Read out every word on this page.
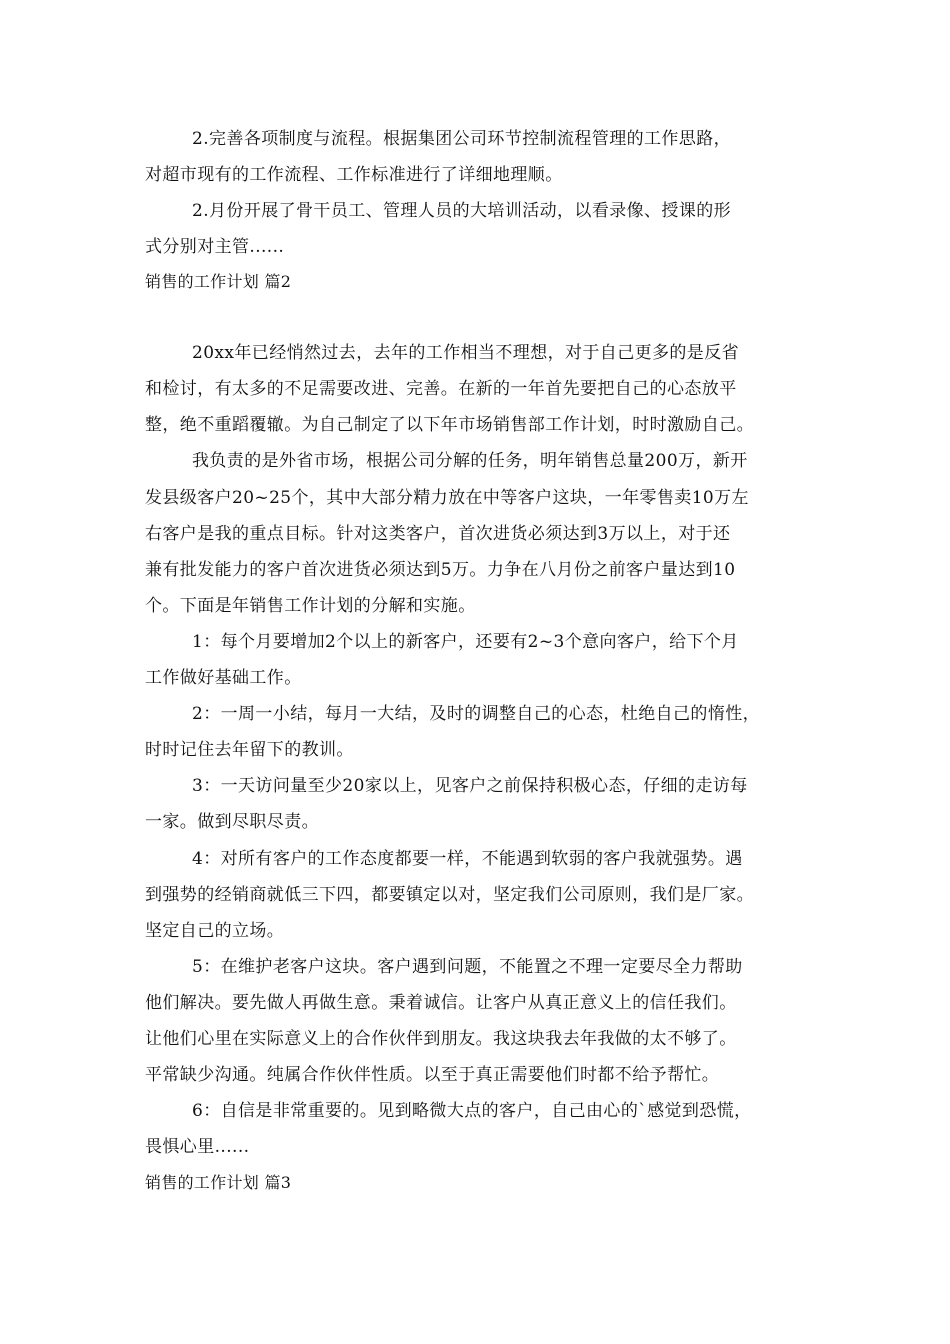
2.完善各项制度与流程。根据集团公司环节控制流程管理的工作思路，
对超市现有的工作流程、工作标准进行了详细地理顺。
2.月份开展了骨干员工、管理人员的大培训活动，以看录像、授课的形
式分别对主管......
销售的工作计划 篇2
20xx年已经悄然过去，去年的工作相当不理想，对于自己更多的是反省
和检讨，有太多的不足需要改进、完善。在新的一年首先要把自己的心态放平
整，绝不重蹈覆辙。为自己制定了以下年市场销售部工作计划，时时激励自己。
我负责的是外省市场，根据公司分解的任务，明年销售总量200万，新开
发县级客户20~25个，其中大部分精力放在中等客户这块，一年零售卖10万左
右客户是我的重点目标。针对这类客户，首次进货必须达到3万以上，对于还
兼有批发能力的客户首次进货必须达到5万。力争在八月份之前客户量达到10
个。下面是年销售工作计划的分解和实施。
1：每个月要增加2个以上的新客户，还要有2~3个意向客户，给下个月
工作做好基础工作。
2：一周一小结，每月一大结，及时的调整自己的心态，杜绝自己的惰性，
时时记住去年留下的教训。
3：一天访问量至少20家以上，见客户之前保持积极心态，仔细的走访每
一家。做到尽职尽责。
4：对所有客户的工作态度都要一样，不能遇到软弱的客户我就强势。遇
到强势的经销商就低三下四，都要镇定以对，坚定我们公司原则，我们是厂家。
坚定自己的立场。
5：在维护老客户这块。客户遇到问题，不能置之不理一定要尽全力帮助
他们解决。要先做人再做生意。秉着诚信。让客户从真正意义上的信任我们。
让他们心里在实际意义上的合作伙伴到朋友。我这块我去年我做的太不够了。
平常缺少沟通。纯属合作伙伴性质。以至于真正需要他们时都不给予帮忙。
6：自信是非常重要的。见到略微大点的客户，自己由心的`感觉到恐慌，
畏惧心里......
销售的工作计划 篇3
